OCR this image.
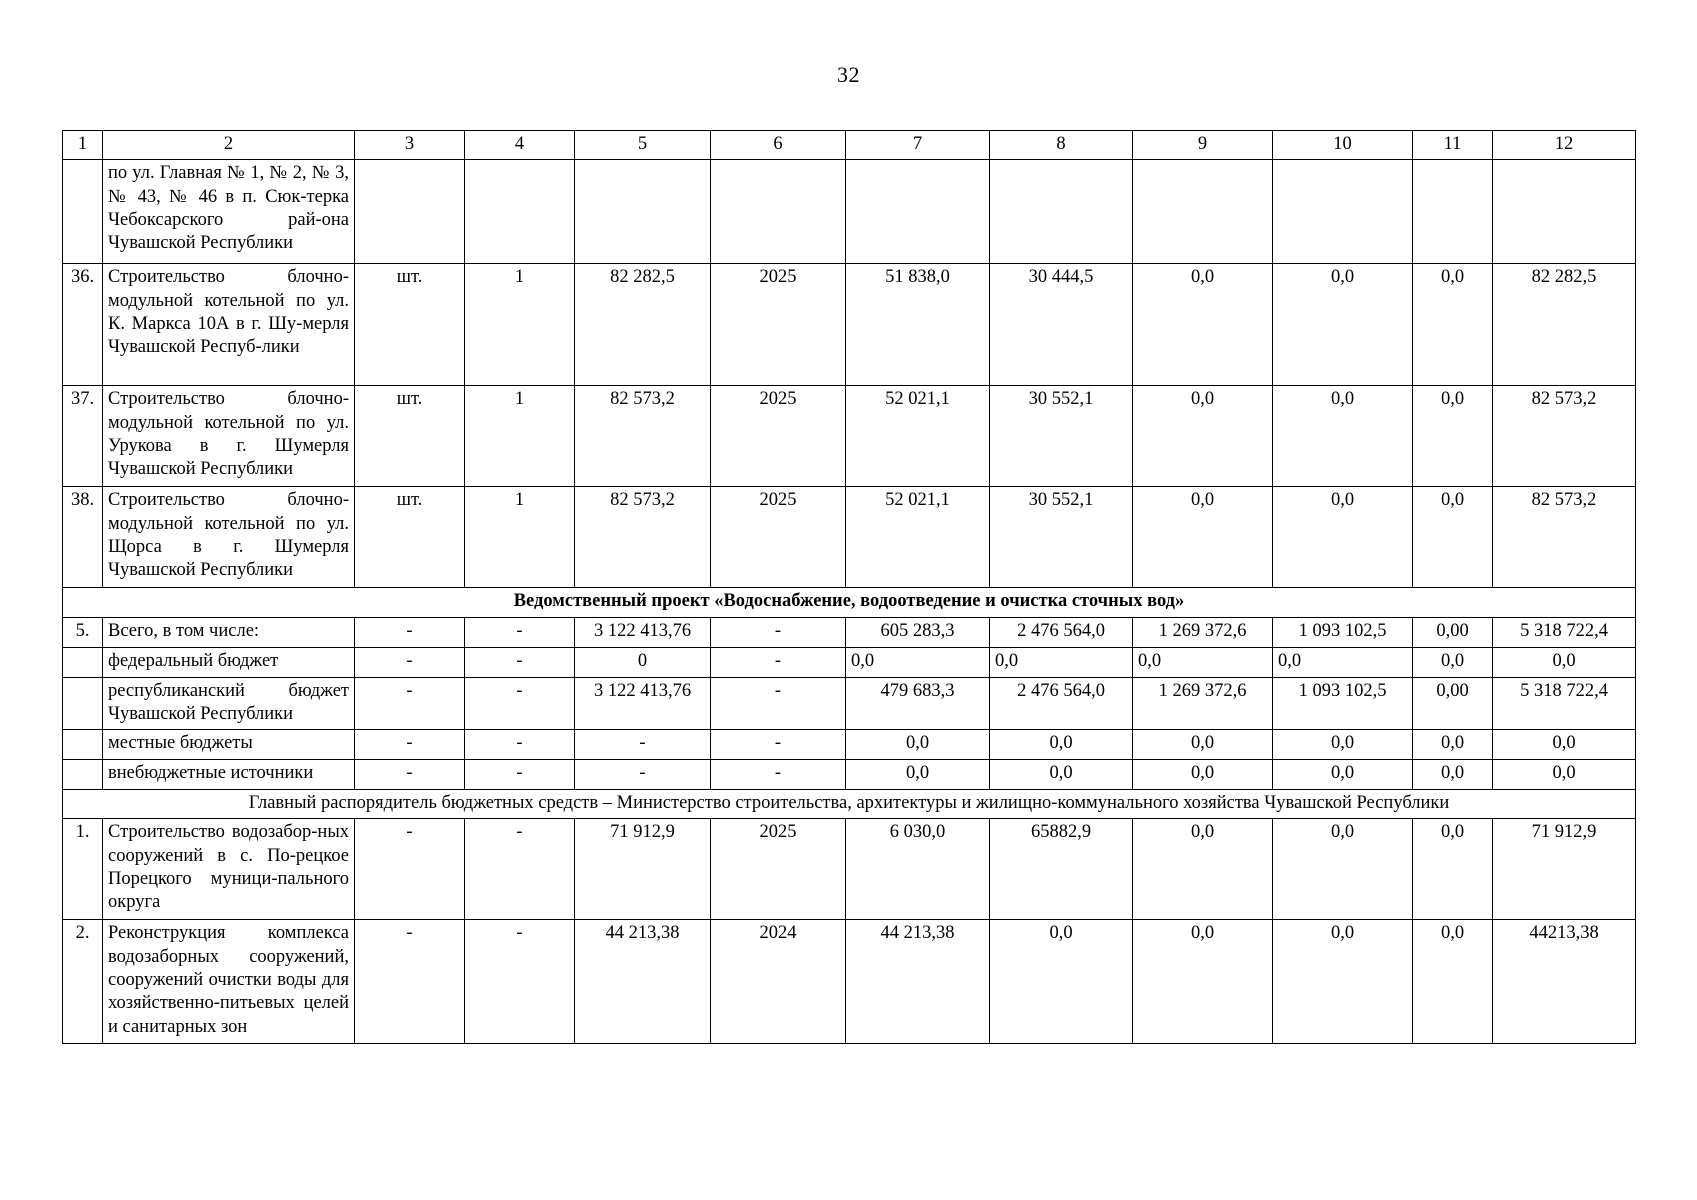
32
1	2	3	4	5	6	7	8	9	10	11	12
	по ул. Главная № 1, № 2, № 3, № 43, № 46 в п. Сюк-терка Чебоксарского рай-она Чувашской Республики										
36.	Строительство блочно-модульной котельной по ул. К. Маркса 10А в г. Шу-мерля Чувашской Респуб-лики	шт.	1	82 282,5	2025	51 838,0	30 444,5	0,0	0,0	0,0	82 282,5
37.	Строительство блочно-модульной котельной по ул. Урукова в г. Шумерля Чувашской Республики	шт.	1	82 573,2	2025	52 021,1	30 552,1	0,0	0,0	0,0	82 573,2
38.	Строительство блочно-модульной котельной по ул. Щорса в г. Шумерля Чувашской Республики	шт.	1	82 573,2	2025	52 021,1	30 552,1	0,0	0,0	0,0	82 573,2
Ведомственный проект «Водоснабжение, водоотведение и очистка сточных вод»											
5.	Всего, в том числе:	-	-	3 122 413,76	-	605 283,3	2 476 564,0	1 269 372,6	1 093 102,5	0,00	5 318 722,4
	федеральный бюджет	-	-	0	-	0,0	0,0	0,0	0,0	0,0	0,0
	республиканский бюджет Чувашской Республики	-	-	3 122 413,76	-	479 683,3	2 476 564,0	1 269 372,6	1 093 102,5	0,00	5 318 722,4
	местные бюджеты	-	-	-	-	0,0	0,0	0,0	0,0	0,0	0,0
	внебюджетные источники	-	-	-	-	0,0	0,0	0,0	0,0	0,0	0,0
Главный распорядитель бюджетных средств – Министерство строительства, архитектуры и жилищно-коммунального хозяйства Чувашской Республики											
1.	Строительство водозабор-ных сооружений в с. По-рецкое Порецкого муници-пального округа	-	-	71 912,9	2025	6 030,0	65882,9	0,0	0,0	0,0	71 912,9
2.	Реконструкция комплекса водозаборных сооружений, сооружений очистки воды для хозяйственно-питьевых целей и санитарных зон	-	-	44 213,38	2024	44 213,38	0,0	0,0	0,0	0,0	44213,38
